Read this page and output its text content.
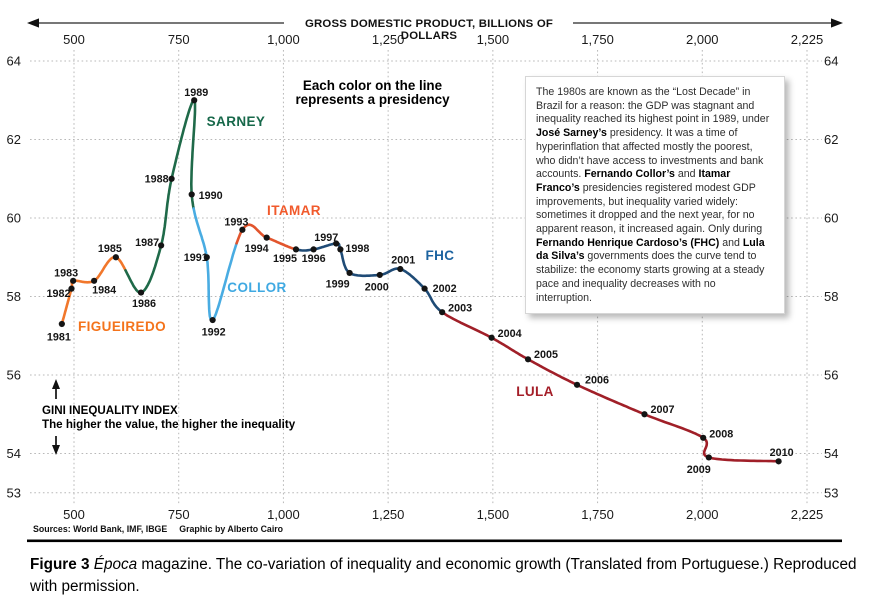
500
500
750
750
1,000
1,000
1,250
1,250
1,500
1,500
1,750
1,750
2,000
2,000
2,225
2,225
64	64
62	62
60	60
58	58
56	56
54	54
53	53
1981
1982
1983
1984
1985
1986
1987
1988
1989
1990
1991
1992
1993
1994
1995 1996
1997
1998
1999 2000
2001
2002
2003
2004
2005
2006
2007
2008
2009
2010
FIGUEIREDO
SARNEY
COLLOR
ITAMAR
FHC
LULA
GROSS DOMESTIC PRODUCT, BILLIONS OF DOLLARS
Each color on the line
represents a presidency
GINI INEQUALITY INDEX
The higher the value, the higher the inequality
The 1980s are known as the “Lost Decade” in Brazil for a reason: the GDP was stagnant and inequality reached its highest point in 1989, under José Sarney’s presidency. It was a time of hyperinflation that affected mostly the poorest, who didn’t have access to investments and bank accounts. Fernando Collor’s and Itamar Franco’s presidencies registered modest GDP improvements, but inequality varied widely: sometimes it dropped and the next year, for no apparent reason, it increased again. Only during Fernando Henrique Cardoso’s (FHC) and Lula da Silva’s governments does the curve tend to stabilize: the economy starts growing at a steady pace and inequality decreases with no interruption.
Sources: World Bank, IMF, IBGE Graphic by Alberto Cairo
Figure 3 Época magazine. The co-variation of inequality and economic growth (Translated from Portuguese.) Reproduced with permission.
